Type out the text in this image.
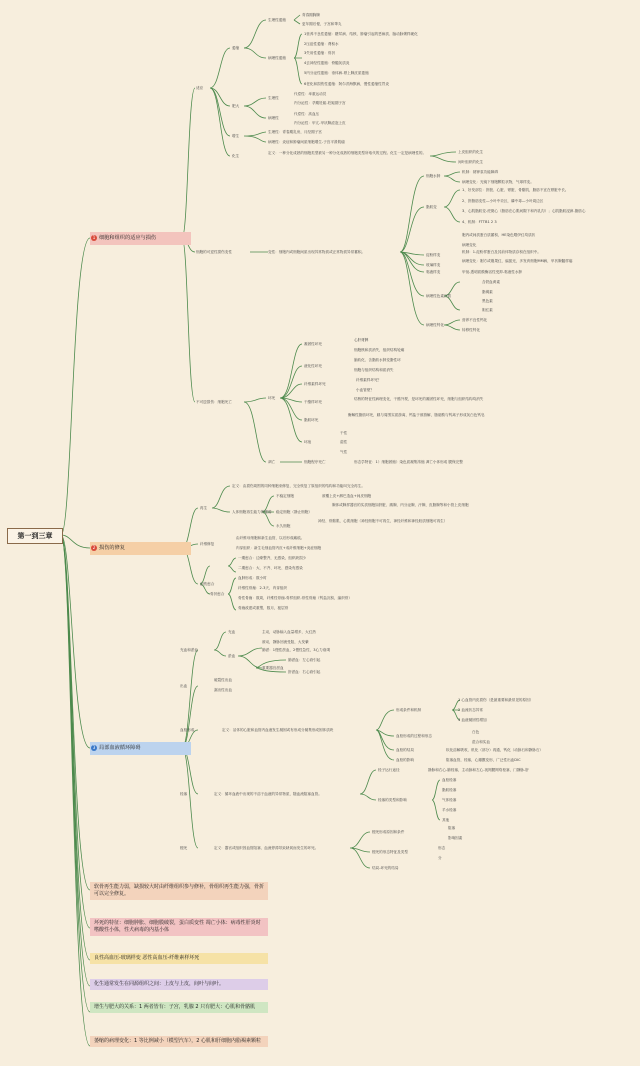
第一到三章
1 细胞和组织的适应与损伤
2 损伤的修复
3 局部血液循环障碍
适应
萎缩
生理性萎缩
青春期胸腺
更年期后便，子宫和睾丸
病理性萎缩
1营养不良性萎缩：糖尿病、结核、肿瘤引起的恶病质、脑动脉粥样硬化
2压迫性萎缩：肾积水
3失用性萎缩：骨折
4去神经性萎缩：脊髓灰质炎
5内分泌性萎缩：垂体病-肾上腺皮质萎缩
6老化和损伤性萎缩：阿尔茨海默病，慢性萎缩性胃炎
肥大
生理性
代偿性：举重运动员
内分泌性：孕期妊娠-妊娠期子宫
病理性
代偿性：高血压
内分泌性：甲亢-甲状腺滤泡上皮
增生
生理性：青春期乳房，月经期子宫
病理性：炎症和肿瘤间质细胞增生-子宫平滑肌瘤
化生
定义：一种分化成熟的细胞类型被另一种分化成熟的细胞类型所取代的过程。化生一定是病理性的。	上皮组织的化生
间叶组织的化生
细胞的可逆性损伤变性	变性：细胞内或细胞间质出现异常物质或正常物质异常蓄积。
细胞水肿
机制：钠钾泵功能障碍
病理变化：光镜下细胞颗粒状物，气球样变。
脂肪变
1、好发部位：肝脏、心脏、肾脏、骨骼肌，脂肪不宜在肾脏中长。
2、肝脂肪变性—小叶中央区，磷中毒—小叶周边区
3、心肌脂肪变-虎斑心（脂肪在心肌间隙下和内乳沟）；心肌脂肪浸润-脂肪心
4、机制：FTTB1 2 3
玻璃样变
胞内或间质蛋白质蓄积，HE染色嗜伊红均质状
病理变化
淀粉样变
机制：1.淀粉样蛋白及其前体物质存积在组织中。
病理变化：刚方或刚果红，偏振光，多发育细胞MM病，甲状腺髓样癌
黏液样变	甲低-透明质酸酶活性受抑-黏液性水肿
病理性色素沉着
含铁血黄素
脂褐素
黑色素
胆红素
病理性钙化
营养不良性钙化
转移性钙化
不可逆损伤：细胞死亡
坏死
凝固性坏死
心肝肾脾
细胞核和质消失，组织结构轮廓
液化性坏死
脑软化、含脂肪水肿变脂性坏
细胞与组织结构和质消失
纤维素样坏死
纤维素样坏死？
小血管壁？
干酪样坏死
结核的特征性病理变化，干酪外观，是坏死的凝固性坏死，细胞与组织结构均消失
脂肪坏死
酶解性脂肪坏死，胰与周围实质游离，钙盐于被游解，脂肪酸与钙离子形成灰白色钙皂
坏疽
干性
湿性
气性
凋亡	细胞程序死亡	形态学特征：1）细胞固缩）染色质凝集浓缩 凋亡小体形成 膜保完整
再生
定义：由损伤周围的同种细胞来修复，完全恢复了原组织的结构和功能叫完全再生。
人体细胞再生能力的强弱
不稳定细胞	被覆上皮+淋巴造血+间皮细胞
稳定细胞（静止细胞）
腺体或腺样器官的实质细胞如肝脏、胰腺、内分泌腺、汗腺、皮脂腺等和小管上皮细胞
永久细胞
神经、骨骼肌、心肌细胞（神经细胞不可再生，神经纤维和神经胶质细胞可再生）
纤维修复
由纤维母细胞和新生血管，以后形成瘢痕。
肉芽组织：新生毛细血管内皮+成纤维细胞+炎症细胞
创伤愈合
一期愈合：边缘整齐，无感染，组织缺损少
二期愈合：大、不齐、坏死、感染有感染
骨折愈合
血肿形成：数小时
纤维性骨痂：2-3天，肉芽组织
骨性骨痂：数周，纤维性骨痂-骨样组织-骨性骨痂（钙盐沉积，编织骨）
骨痂改建或重塑，数月，板层骨
充血和淤血
充血	主动，动脉输入血量增多，大红热
淤血
被动，静脉回流受阻，大发紫
肺淤：1慢性淤血，2慢性急性，3心力衰竭
重要器官淤血
肺淤血：左心衰引起
肝淤血：右心衰引起
出血
破裂性出血
漏出性出血
血栓形成	定义：活体的心脏和血管内血液发生凝固或有形成分凝集形成固体质块
形成条件和机制
1 心血管内皮损伤（是最重要和最常见的原因）
2 血流状态异常
3 血液凝固性增加
血栓形成的过程和形态
白色
混合和实血
血栓的结局	软化溶解吸收，机化（部分）再通，钙化（动脉石和静脉石）
血栓的影响	阻塞血管，栓塞，心瓣膜变形，广泛性出血DIC
栓塞	定义：循环血液中出现的不溶于血液的异常物质，随血流阻塞血管。
栓子运行途径	静脉和右心-肺栓塞，主动脉和左心-视网膜网络栓塞，门静脉-肝
栓塞的类型和影响
血栓栓塞
脂肪栓塞
气体栓塞
羊水栓塞
其他
梗死	定义：器官或组织因血管阻塞、血流停滞导致缺氧而发生的坏死。
梗死形成原因和条件
阻塞
影响因素
梗死的形态特征及类型
形态
分
结局-坏死的结局
软骨再生能力弱，缺损较大时由纤维组织参与修补，骨组织再生能力强，骨折可以完全修复。
坏死的特征：细胞肿胀、细胞膜破裂，蛋白质变性 凋亡小体：病毒性肝炎时嗜酸性小体，性犬病毒的内基小体
良性高血压-玻璃样变 恶性高血压-纤维素样坏死
化生通常发生在同源组织之间：上皮与上皮，间叶与间叶。
增生与肥大的关系：1 两者皆有：子宫，乳腺 2 只有肥大：心肌和骨骼肌
萎缩的病理变化：1 等比例减小（模型汽车），2 心肌和肝细胞内脂褐素颗粒
